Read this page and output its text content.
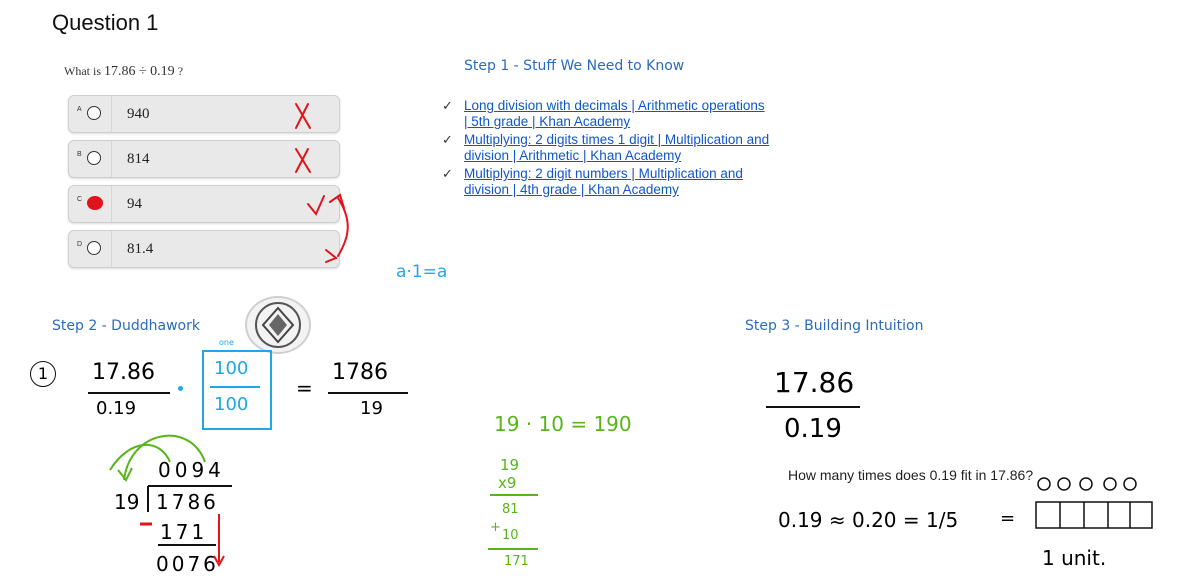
Question 1
What is 17.86 ÷ 0.19 ?
A	940
B	814
C	94
D	81.4
Step 1 - Stuff We Need to Know
✓ Long division with decimals | Arithmetic operations
| 5th grade | Khan Academy
✓ Multiplying: 2 digits times 1 digit | Multiplication and
division | Arithmetic | Khan Academy
✓ Multiplying: 2 digit numbers | Multiplication and
division | 4th grade | Khan Academy
a·1=a
Step 2 - Duddhawork
1	17.86
0.19
one
100
100
=
1786
19
0094
19 1786
171
0076
19 · 10 = 190
19
x9
81
+
10
171
Step 3 - Building Intuition
17.86
0.19
How many times does 0.19 fit in 17.86?
0.19 ≈ 0.20 = 1/5 =
1 unit.
